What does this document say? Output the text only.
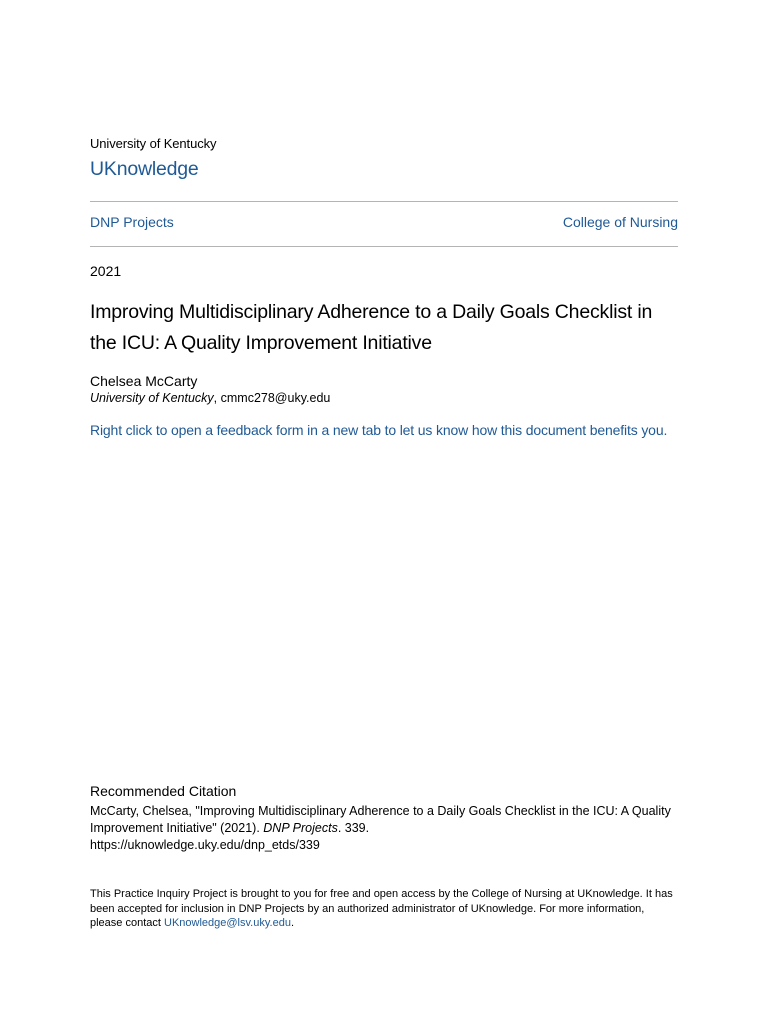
University of Kentucky
UKnowledge
DNP Projects	College of Nursing
2021
Improving Multidisciplinary Adherence to a Daily Goals Checklist in the ICU: A Quality Improvement Initiative
Chelsea McCarty
University of Kentucky, cmmc278@uky.edu
Right click to open a feedback form in a new tab to let us know how this document benefits you.
Recommended Citation
McCarty, Chelsea, "Improving Multidisciplinary Adherence to a Daily Goals Checklist in the ICU: A Quality Improvement Initiative" (2021). DNP Projects. 339.
https://uknowledge.uky.edu/dnp_etds/339
This Practice Inquiry Project is brought to you for free and open access by the College of Nursing at UKnowledge. It has been accepted for inclusion in DNP Projects by an authorized administrator of UKnowledge. For more information, please contact UKnowledge@lsv.uky.edu.
